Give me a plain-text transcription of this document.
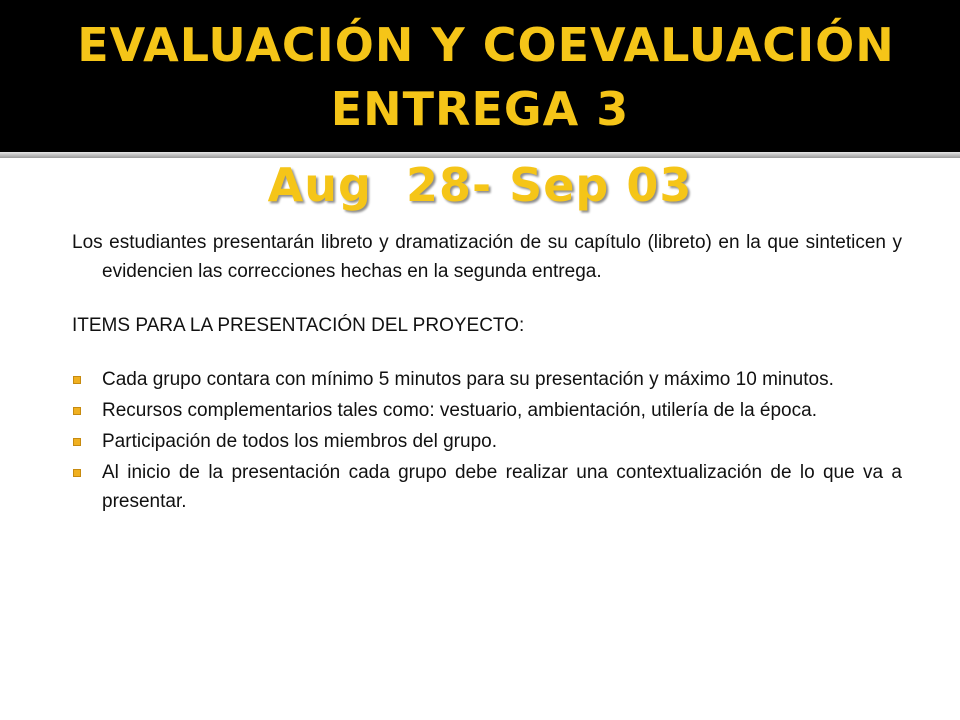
EVALUACIÓN Y COEVALUACIÓN
ENTREGA 3
Aug  28- Sep 03

Los estudiantes presentarán libreto y dramatización de su capítulo (libreto) en la que sinteticen y evidencien las correcciones hechas en la segunda entrega.

ITEMS PARA LA PRESENTACIÓN DEL PROYECTO:

Cada grupo contara con mínimo 5 minutos para su presentación y máximo 10 minutos.
Recursos complementarios tales como: vestuario, ambientación, utilería de la época.
Participación de todos los miembros del grupo.
Al inicio de la presentación cada grupo debe realizar una contextualización de lo que va a presentar.
